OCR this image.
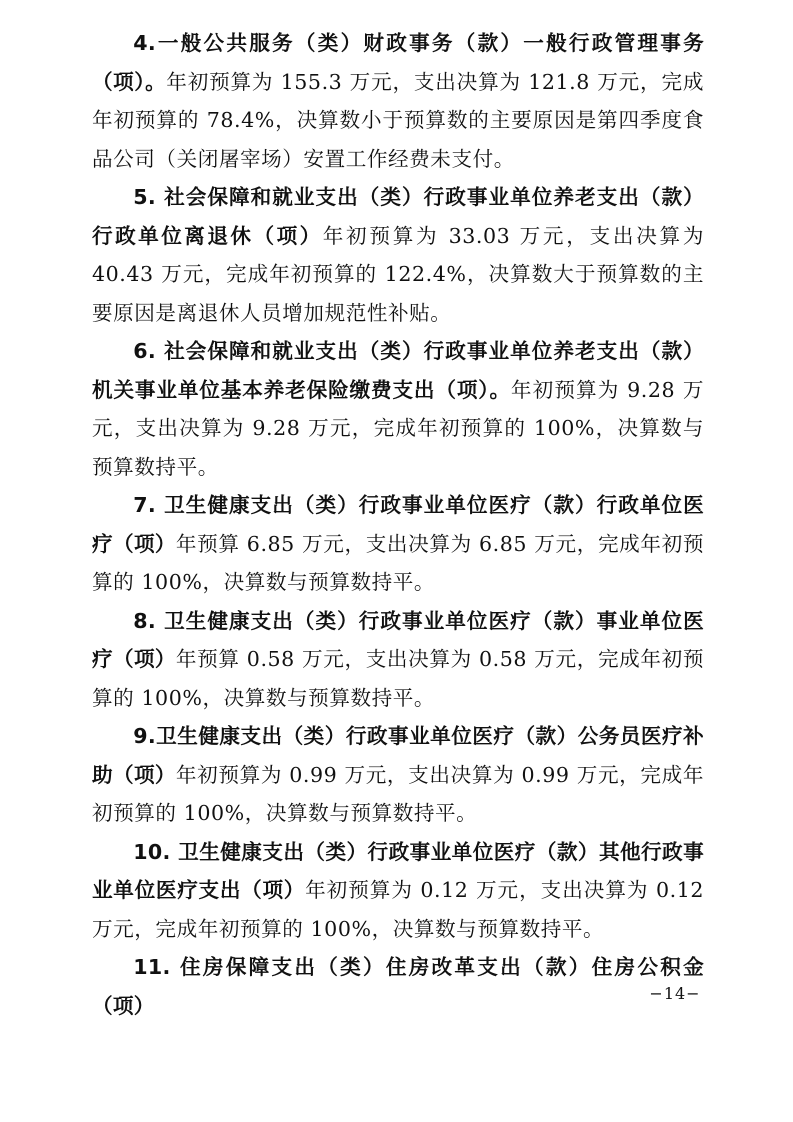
4.一般公共服务（类）财政事务（款）一般行政管理事务（项）。年初预算为 155.3 万元，支出决算为 121.8 万元，完成年初预算的 78.4%，决算数小于预算数的主要原因是第四季度食品公司（关闭屠宰场）安置工作经费未支付。

5. 社会保障和就业支出（类）行政事业单位养老支出（款）行政单位离退休（项）年初预算为 33.03 万元，支出决算为 40.43 万元，完成年初预算的 122.4%，决算数大于预算数的主要原因是离退休人员增加规范性补贴。

6. 社会保障和就业支出（类）行政事业单位养老支出（款）机关事业单位基本养老保险缴费支出（项）。年初预算为 9.28 万元，支出决算为 9.28 万元，完成年初预算的 100%，决算数与预算数持平。

7. 卫生健康支出（类）行政事业单位医疗（款）行政单位医疗（项）年预算 6.85 万元，支出决算为 6.85 万元，完成年初预算的 100%，决算数与预算数持平。

8. 卫生健康支出（类）行政事业单位医疗（款）事业单位医疗（项）年预算 0.58 万元，支出决算为 0.58 万元，完成年初预算的 100%，决算数与预算数持平。

9.卫生健康支出（类）行政事业单位医疗（款）公务员医疗补助（项）年初预算为 0.99 万元，支出决算为 0.99 万元，完成年初预算的 100%，决算数与预算数持平。

10. 卫生健康支出（类）行政事业单位医疗（款）其他行政事业单位医疗支出（项）年初预算为 0.12 万元，支出决算为 0.12 万元，完成年初预算的 100%，决算数与预算数持平。

11. 住房保障支出（类）住房改革支出（款）住房公积金（项）	−14−
